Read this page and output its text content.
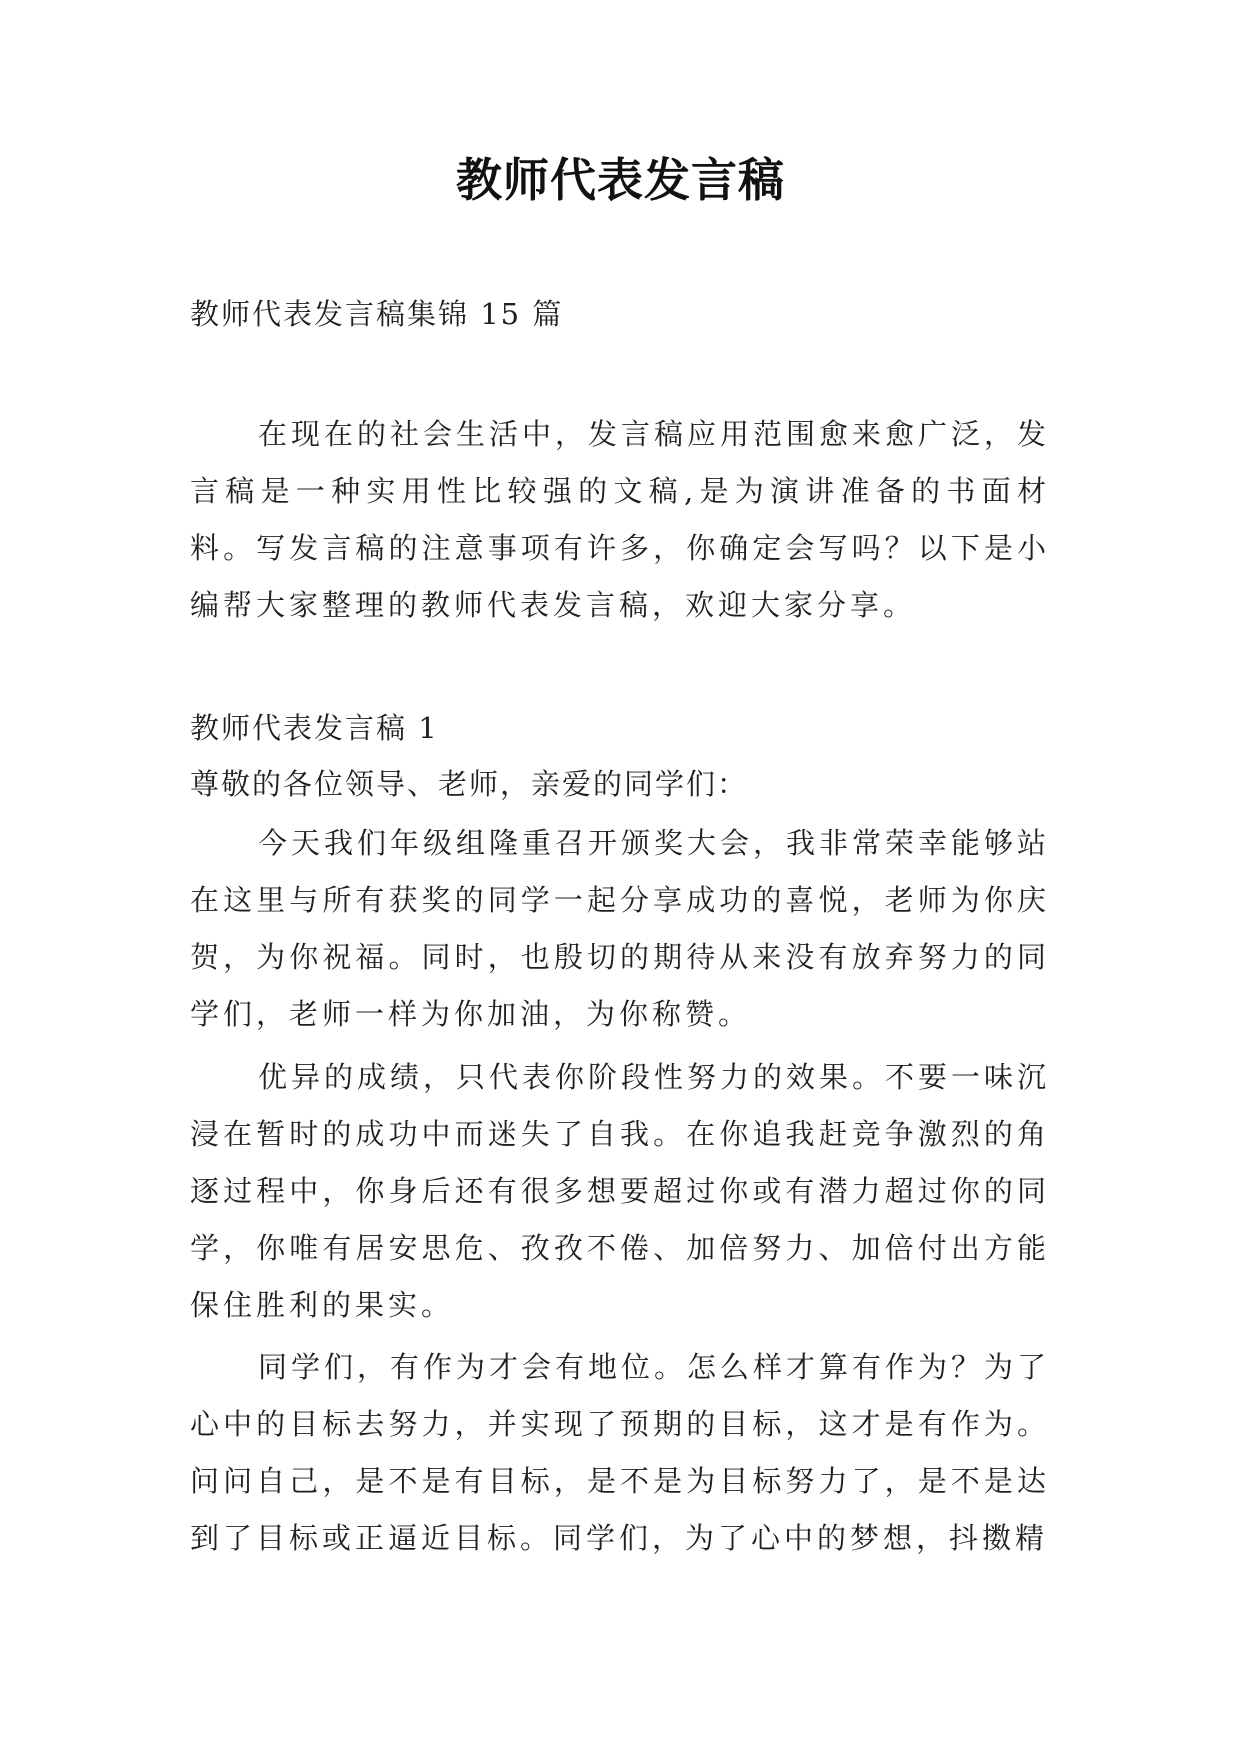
教师代表发言稿
教师代表发言稿集锦 15 篇

在现在的社会生活中，发言稿应用范围愈来愈广泛，发言稿是一种实用性比较强的文稿,是为演讲准备的书面材料。写发言稿的注意事项有许多，你确定会写吗？以下是小编帮大家整理的教师代表发言稿，欢迎大家分享。

教师代表发言稿 1
尊敬的各位领导、老师，亲爱的同学们：

今天我们年级组隆重召开颁奖大会，我非常荣幸能够站在这里与所有获奖的同学一起分享成功的喜悦，老师为你庆贺，为你祝福。同时，也殷切的期待从来没有放弃努力的同学们，老师一样为你加油，为你称赞。

优异的成绩，只代表你阶段性努力的效果。不要一味沉浸在暂时的成功中而迷失了自我。在你追我赶竞争激烈的角逐过程中，你身后还有很多想要超过你或有潜力超过你的同学，你唯有居安思危、孜孜不倦、加倍努力、加倍付出方能保住胜利的果实。

同学们，有作为才会有地位。怎么样才算有作为？为了心中的目标去努力，并实现了预期的目标，这才是有作为。问问自己，是不是有目标，是不是为目标努力了，是不是达到了目标或正逼近目标。同学们，为了心中的梦想，抖擞精
